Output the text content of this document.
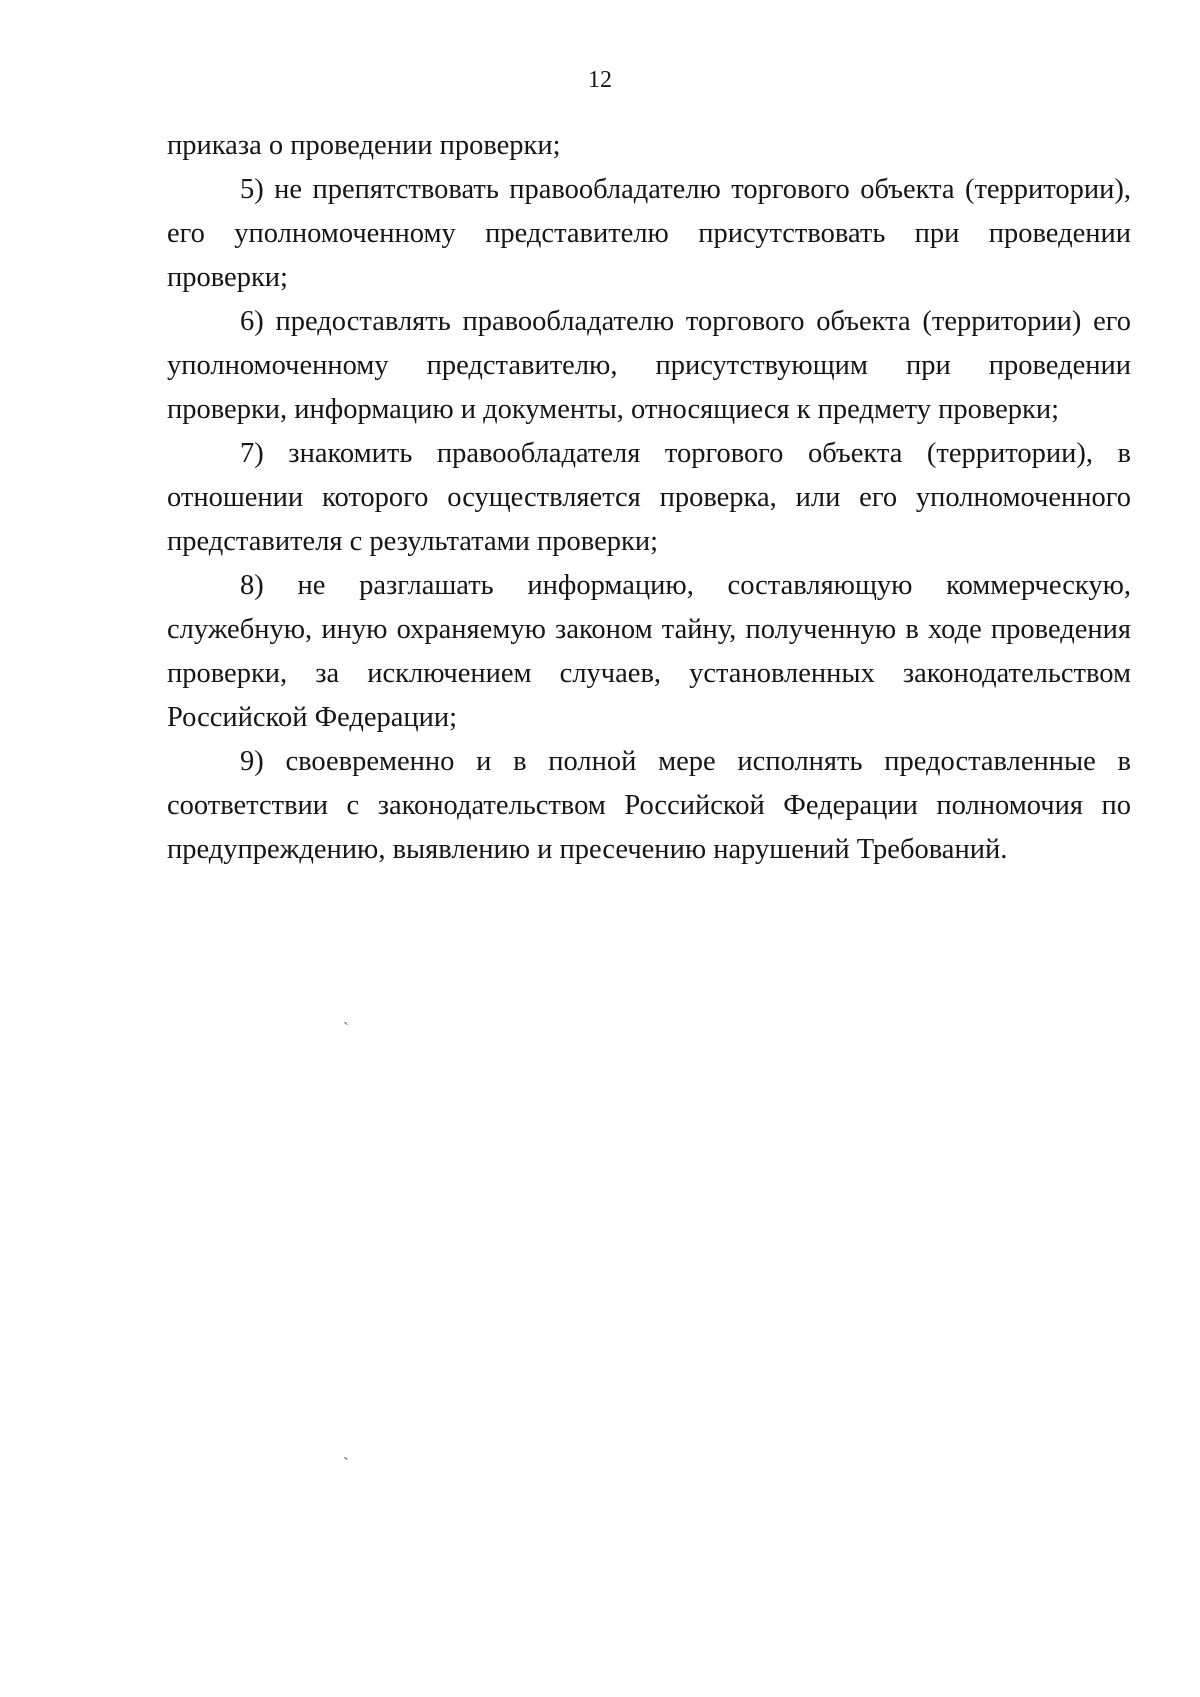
12

приказа о проведении проверки;

5) не препятствовать правообладателю торгового объекта (территории), его уполномоченному представителю присутствовать при проведении проверки;

6) предоставлять правообладателю торгового объекта (территории) его уполномоченному представителю, присутствующим при проведении проверки, информацию и документы, относящиеся к предмету проверки;

7) знакомить правообладателя торгового объекта (территории), в отношении которого осуществляется проверка, или его уполномоченного представителя с результатами проверки;

8) не разглашать информацию, составляющую коммерческую, служебную, иную охраняемую законом тайну, полученную в ходе проведения проверки, за исключением случаев, установленных законодательством Российской Федерации;

9) своевременно и в полной мере исполнять предоставленные в соответствии с законодательством Российской Федерации полномочия по предупреждению, выявлению и пресечению нарушений Требований.

`
`
